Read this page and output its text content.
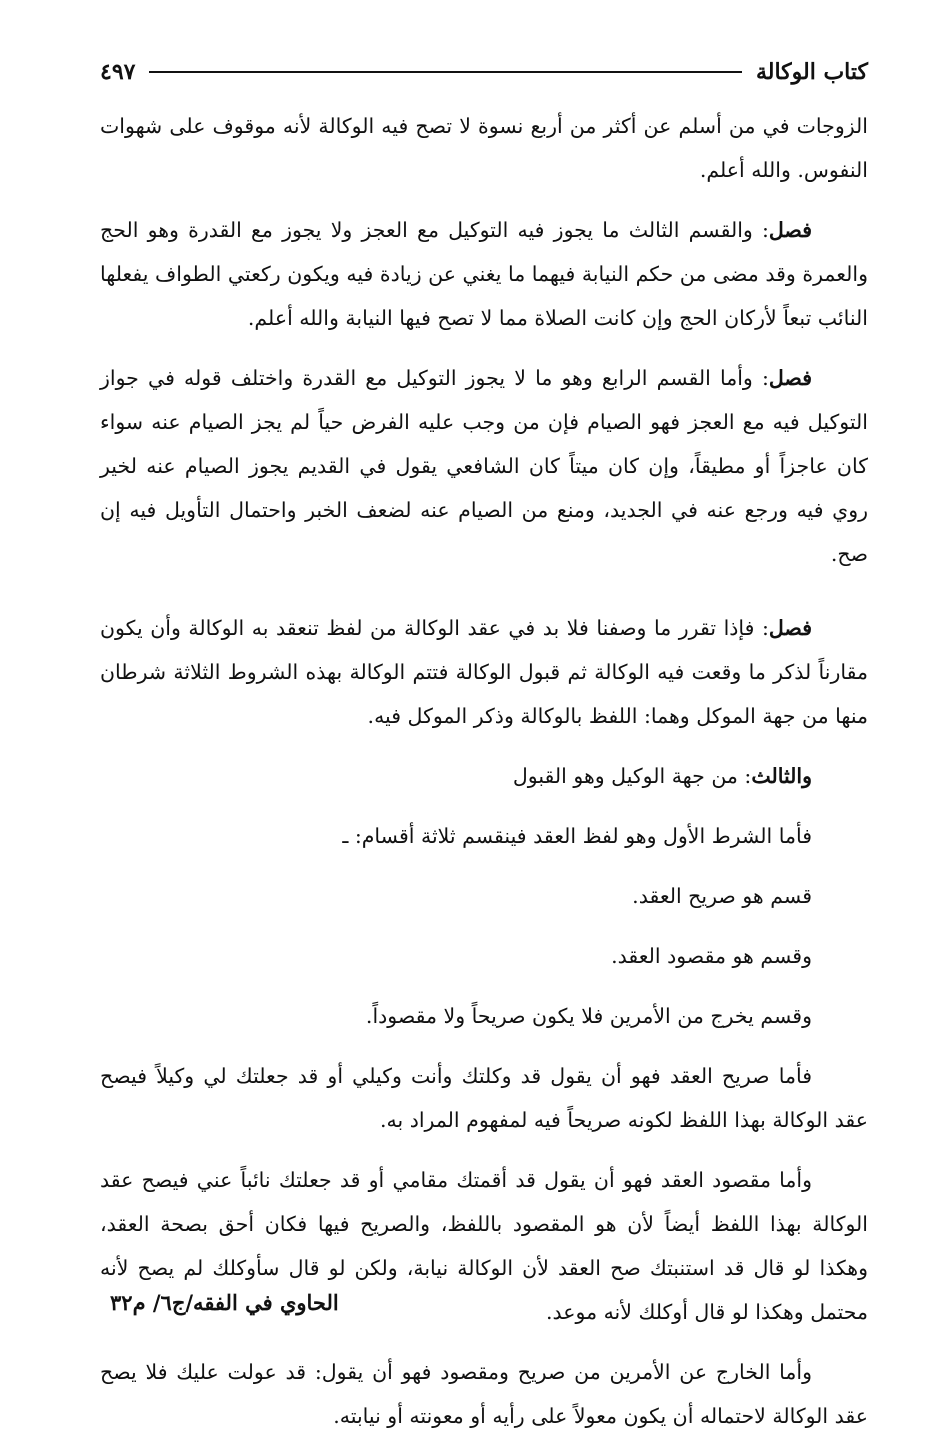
كتاب الوكالة
٤٩٧

الزوجات في من أسلم عن أكثر من أربع نسوة لا تصح فيه الوكالة لأنه موقوف على شهوات النفوس. والله أعلم.

فصل: والقسم الثالث ما يجوز فيه التوكيل مع العجز ولا يجوز مع القدرة وهو الحج والعمرة وقد مضى من حكم النيابة فيهما ما يغني عن زيادة فيه ويكون ركعتي الطواف يفعلها النائب تبعاً لأركان الحج وإن كانت الصلاة مما لا تصح فيها النيابة والله أعلم.

فصل: وأما القسم الرابع وهو ما لا يجوز التوكيل مع القدرة واختلف قوله في جواز التوكيل فيه مع العجز فهو الصيام فإن من وجب عليه الفرض حياً لم يجز الصيام عنه سواء كان عاجزاً أو مطيقاً، وإن كان ميتاً كان الشافعي يقول في القديم يجوز الصيام عنه لخير روي فيه ورجع عنه في الجديد، ومنع من الصيام عنه لضعف الخبر واحتمال التأويل فيه إن صح.

فصل: فإذا تقرر ما وصفنا فلا بد في عقد الوكالة من لفظ تنعقد به الوكالة وأن يكون مقارناً لذكر ما وقعت فيه الوكالة ثم قبول الوكالة فتتم الوكالة بهذه الشروط الثلاثة شرطان منها من جهة الموكل وهما: اللفظ بالوكالة وذكر الموكل فيه.

والثالث: من جهة الوكيل وهو القبول

فأما الشرط الأول وهو لفظ العقد فينقسم ثلاثة أقسام: ـ

قسم هو صريح العقد.

وقسم هو مقصود العقد.

وقسم يخرج من الأمرين فلا يكون صريحاً ولا مقصوداً.

فأما صريح العقد فهو أن يقول قد وكلتك وأنت وكيلي أو قد جعلتك لي وكيلاً فيصح عقد الوكالة بهذا اللفظ لكونه صريحاً فيه لمفهوم المراد به.

وأما مقصود العقد فهو أن يقول قد أقمتك مقامي أو قد جعلتك نائباً عني فيصح عقد الوكالة بهذا اللفظ أيضاً لأن هو المقصود باللفظ، والصريح فيها فكان أحق بصحة العقد، وهكذا لو قال قد استنبتك صح العقد لأن الوكالة نيابة، ولكن لو قال سأوكلك لم يصح لأنه محتمل وهكذا لو قال أوكلك لأنه موعد.

وأما الخارج عن الأمرين من صريح ومقصود فهو أن يقول: قد عولت عليك فلا يصح عقد الوكالة لاحتماله أن يكون معولاً على رأيه أو معونته أو نيابته.

الحاوي في الفقه/ج٦/ م٣٢
